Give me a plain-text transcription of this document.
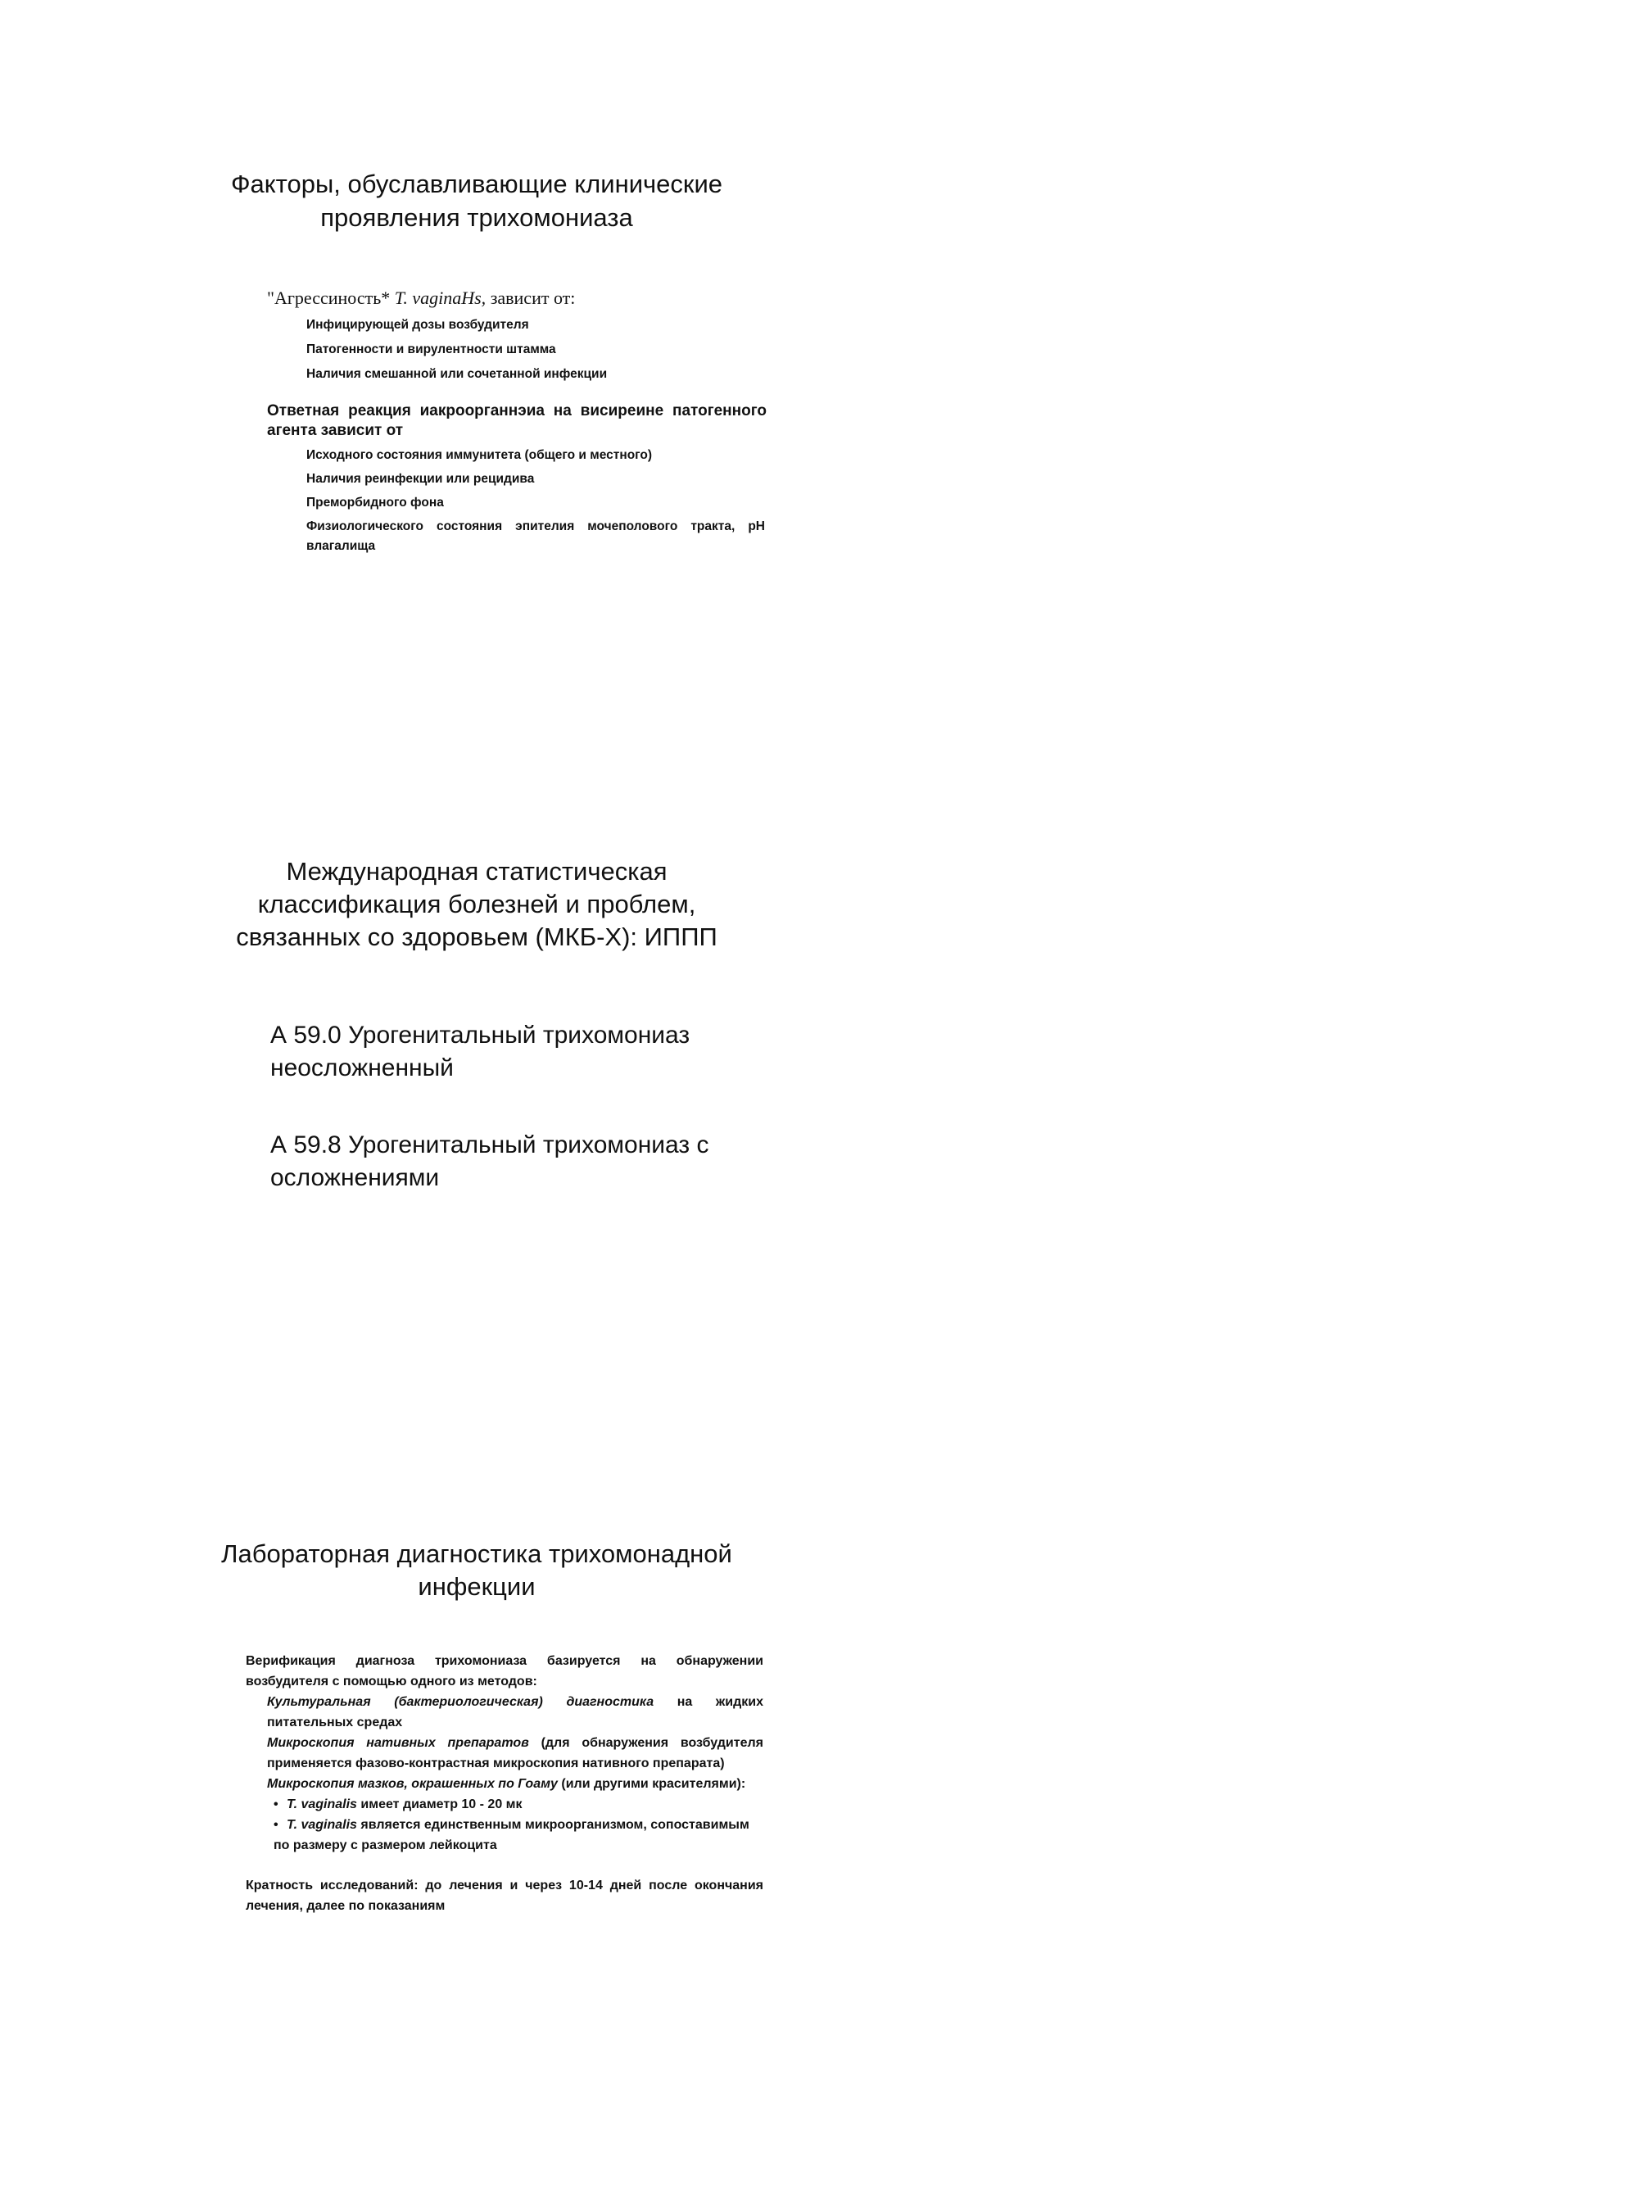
Факторы, обуславливающие клинические проявления трихомониаза
"Агрессиность* T. vaginaHs, зависит от:
Инфицирующей дозы возбудителя
Патогенности и вирулентности штамма
Наличия смешанной или сочетанной инфекции
Ответная реакция иакроорганнэиа на висиреине патогенного агента зависит от
Исходного состояния иммунитета (общего и местного)
Наличия реинфекции или рецидива
Преморбидного фона
Физиологического состояния эпителия мочеполового тракта, рН влагалища
Международная статистическая классификация болезней и проблем, связанных со здоровьем (МКБ-Х): ИППП
А 59.0 Урогенитальный трихомониаз неосложненный
А 59.8 Урогенитальный трихомониаз с осложнениями
Лабораторная диагностика трихомонадной инфекции

Верификация диагноза трихомониаза базируется на обнаружении возбудителя с помощью одного из методов:

Культуральная (бактериологическая) диагностика на жидких питательных средах

Микроскопия нативных препаратов (для обнаружения возбудителя применяется фазово-контрастная микроскопия нативного препарата)

Микроскопия мазков, окрашенных по Гоаму (или другими красителями):

• T. vaginalis имеет диаметр 10 - 20 мк
• T. vaginalis является единственным микроорганизмом, сопоставимым по размеру с размером лейкоцита

Кратность исследований: до лечения и через 10-14 дней после окончания лечения, далее по показаниям
